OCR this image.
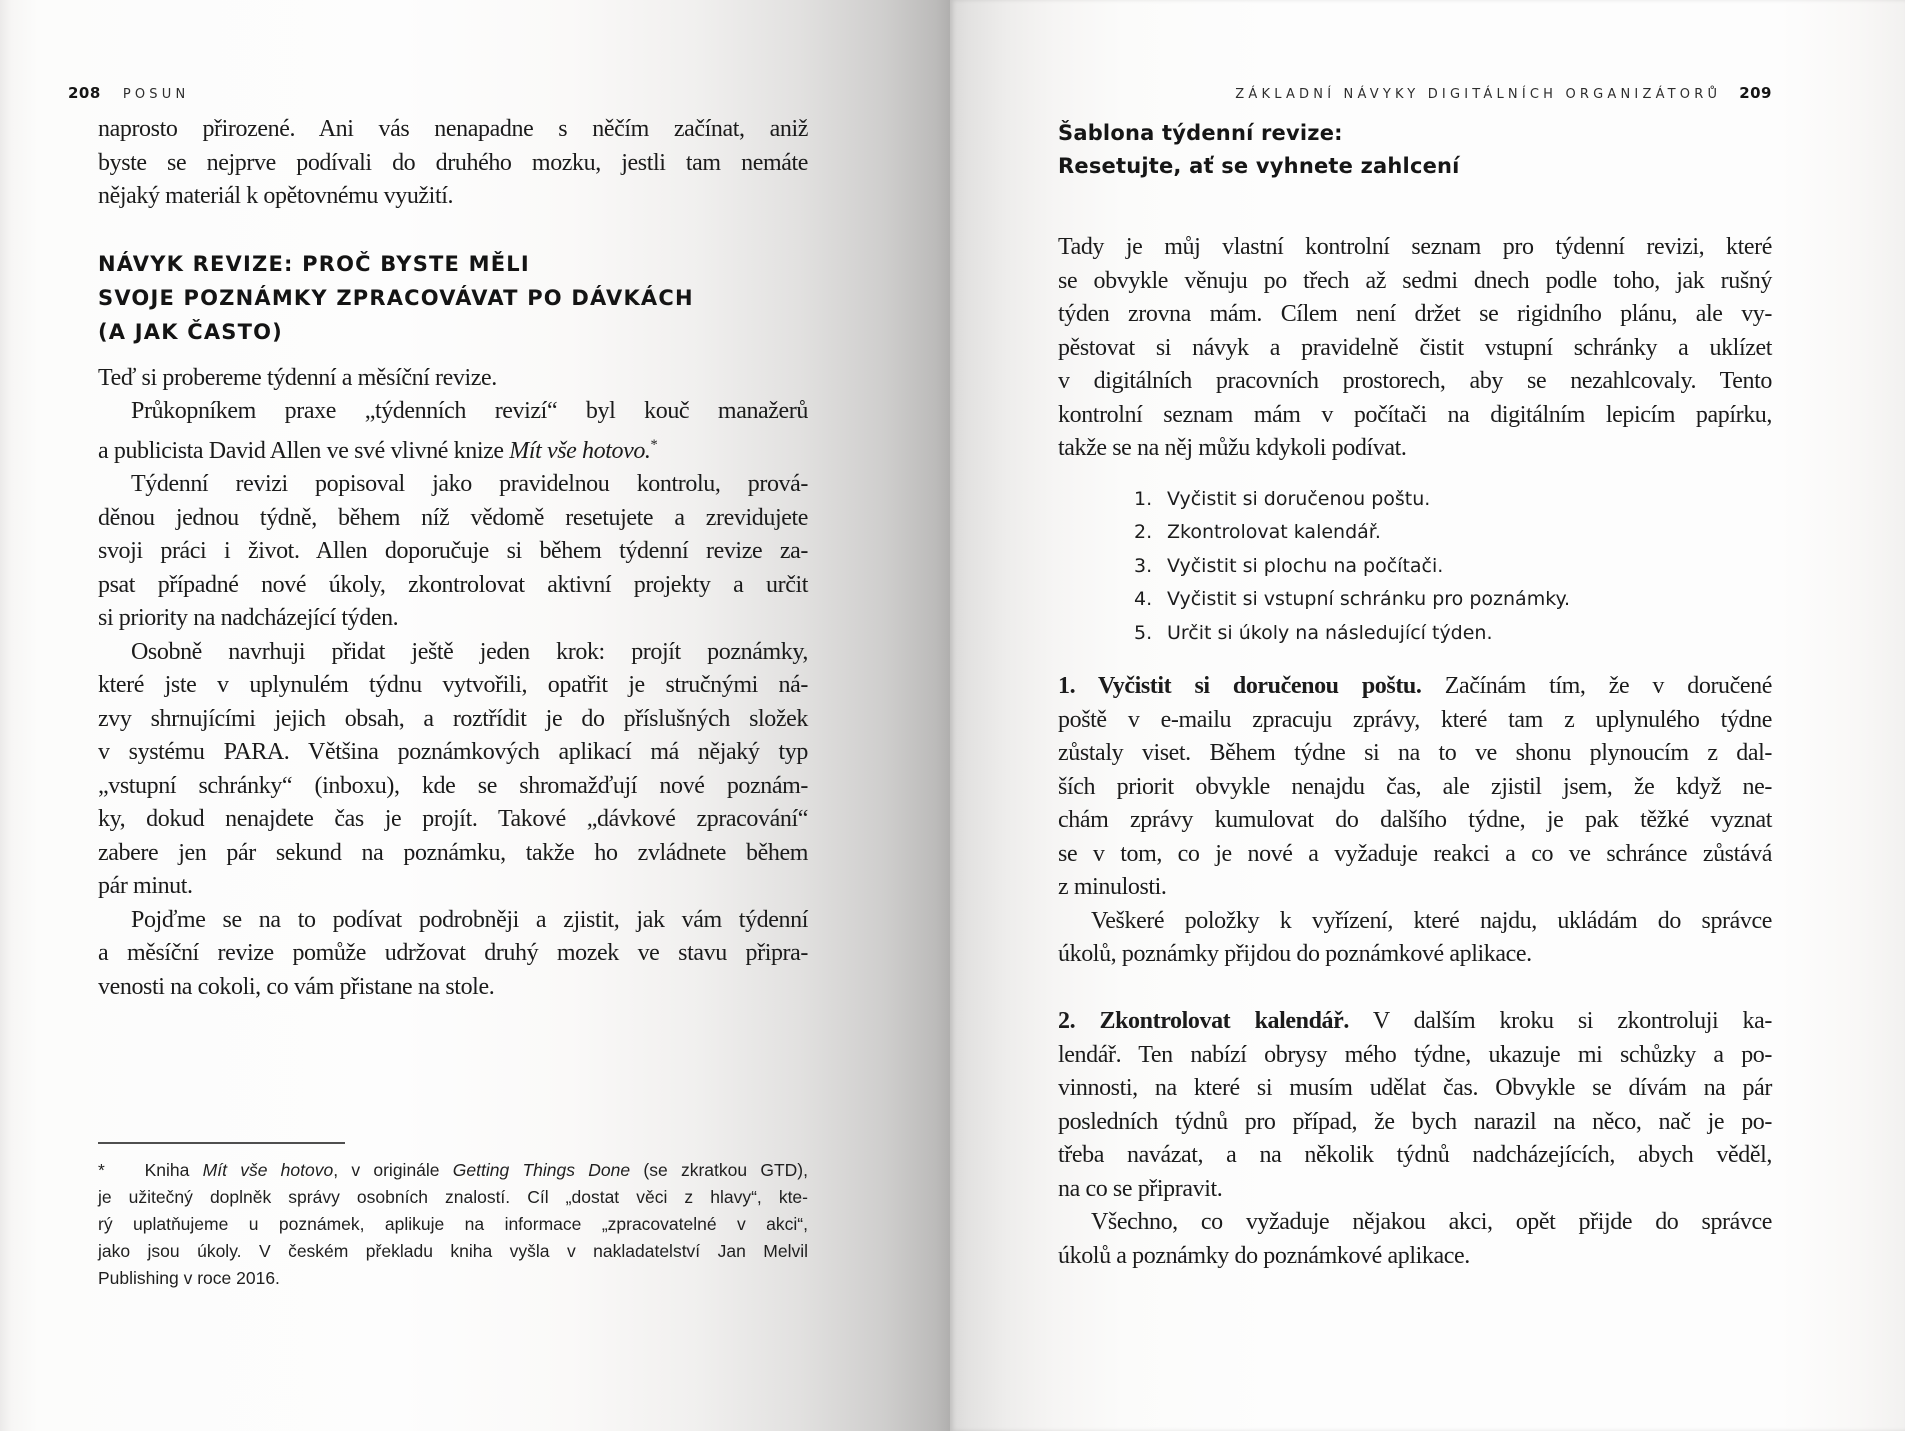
208 POSUN
naprosto přirozené. Ani vás nenapadne s něčím začínat, aniž
byste se nejprve podívali do druhého mozku, jestli tam nemáte
nějaký materiál k opětovnému využití.
NÁVYK REVIZE: PROČ BYSTE MĚLI
SVOJE POZNÁMKY ZPRACOVÁVAT PO DÁVKÁCH
(A JAK ČASTO)
Teď si probereme týdenní a měsíční revize.
Průkopníkem praxe „týdenních revizí“ byl kouč manažerů
a publicista David Allen ve své vlivné knize Mít vše hotovo.*
Týdenní revizi popisoval jako pravidelnou kontrolu, prová-
děnou jednou týdně, během níž vědomě resetujete a zrevidujete
svoji práci i život. Allen doporučuje si během týdenní revize za-
psat případné nové úkoly, zkontrolovat aktivní projekty a určit
si priority na nadcházející týden.
Osobně navrhuji přidat ještě jeden krok: projít poznámky,
které jste v uplynulém týdnu vytvořili, opatřit je stručnými ná-
zvy shrnujícími jejich obsah, a roztřídit je do příslušných složek
v systému PARA. Většina poznámkových aplikací má nějaký typ
„vstupní schránky“ (inboxu), kde se shromažďují nové poznám-
ky, dokud nenajdete čas je projít. Takové „dávkové zpracování“
zabere jen pár sekund na poznámku, takže ho zvládnete během
pár minut.
Pojďme se na to podívat podrobněji a zjistit, jak vám týdenní
a měsíční revize pomůže udržovat druhý mozek ve stavu připra-
venosti na cokoli, co vám přistane na stole.
*   Kniha Mít vše hotovo, v originále Getting Things Done (se zkratkou GTD),
je užitečný doplněk správy osobních znalostí. Cíl „dostat věci z hlavy“, kte-
rý uplatňujeme u poznámek, aplikuje na informace „zpracovatelné v akci“,
jako jsou úkoly. V českém překladu kniha vyšla v nakladatelství Jan Melvil
Publishing v roce 2016.
ZÁKLADNÍ NÁVYKY DIGITÁLNÍCH ORGANIZÁTORŮ 209
Šablona týdenní revize:
Resetujte, ať se vyhnete zahlcení
Tady je můj vlastní kontrolní seznam pro týdenní revizi, které
se obvykle věnuju po třech až sedmi dnech podle toho, jak rušný
týden zrovna mám. Cílem není držet se rigidního plánu, ale vy-
pěstovat si návyk a pravidelně čistit vstupní schránky a uklízet
v digitálních pracovních prostorech, aby se nezahlcovaly. Tento
kontrolní seznam mám v počítači na digitálním lepicím papírku,
takže se na něj můžu kdykoli podívat.
1. Vyčistit si doručenou poštu.
2. Zkontrolovat kalendář.
3. Vyčistit si plochu na počítači.
4. Vyčistit si vstupní schránku pro poznámky.
5. Určit si úkoly na následující týden.
1. Vyčistit si doručenou poštu. Začínám tím, že v doručené
poště v e-mailu zpracuju zprávy, které tam z uplynulého týdne
zůstaly viset. Během týdne si na to ve shonu plynoucím z dal-
ších priorit obvykle nenajdu čas, ale zjistil jsem, že když ne-
chám zprávy kumulovat do dalšího týdne, je pak těžké vyznat
se v tom, co je nové a vyžaduje reakci a co ve schránce zůstává
z minulosti.
Veškeré položky k vyřízení, které najdu, ukládám do správce
úkolů, poznámky přijdou do poznámkové aplikace.
2. Zkontrolovat kalendář. V dalším kroku si zkontroluji ka-
lendář. Ten nabízí obrysy mého týdne, ukazuje mi schůzky a po-
vinnosti, na které si musím udělat čas. Obvykle se dívám na pár
posledních týdnů pro případ, že bych narazil na něco, nač je po-
třeba navázat, a na několik týdnů nadcházejících, abych věděl,
na co se připravit.
Všechno, co vyžaduje nějakou akci, opět přijde do správce
úkolů a poznámky do poznámkové aplikace.
